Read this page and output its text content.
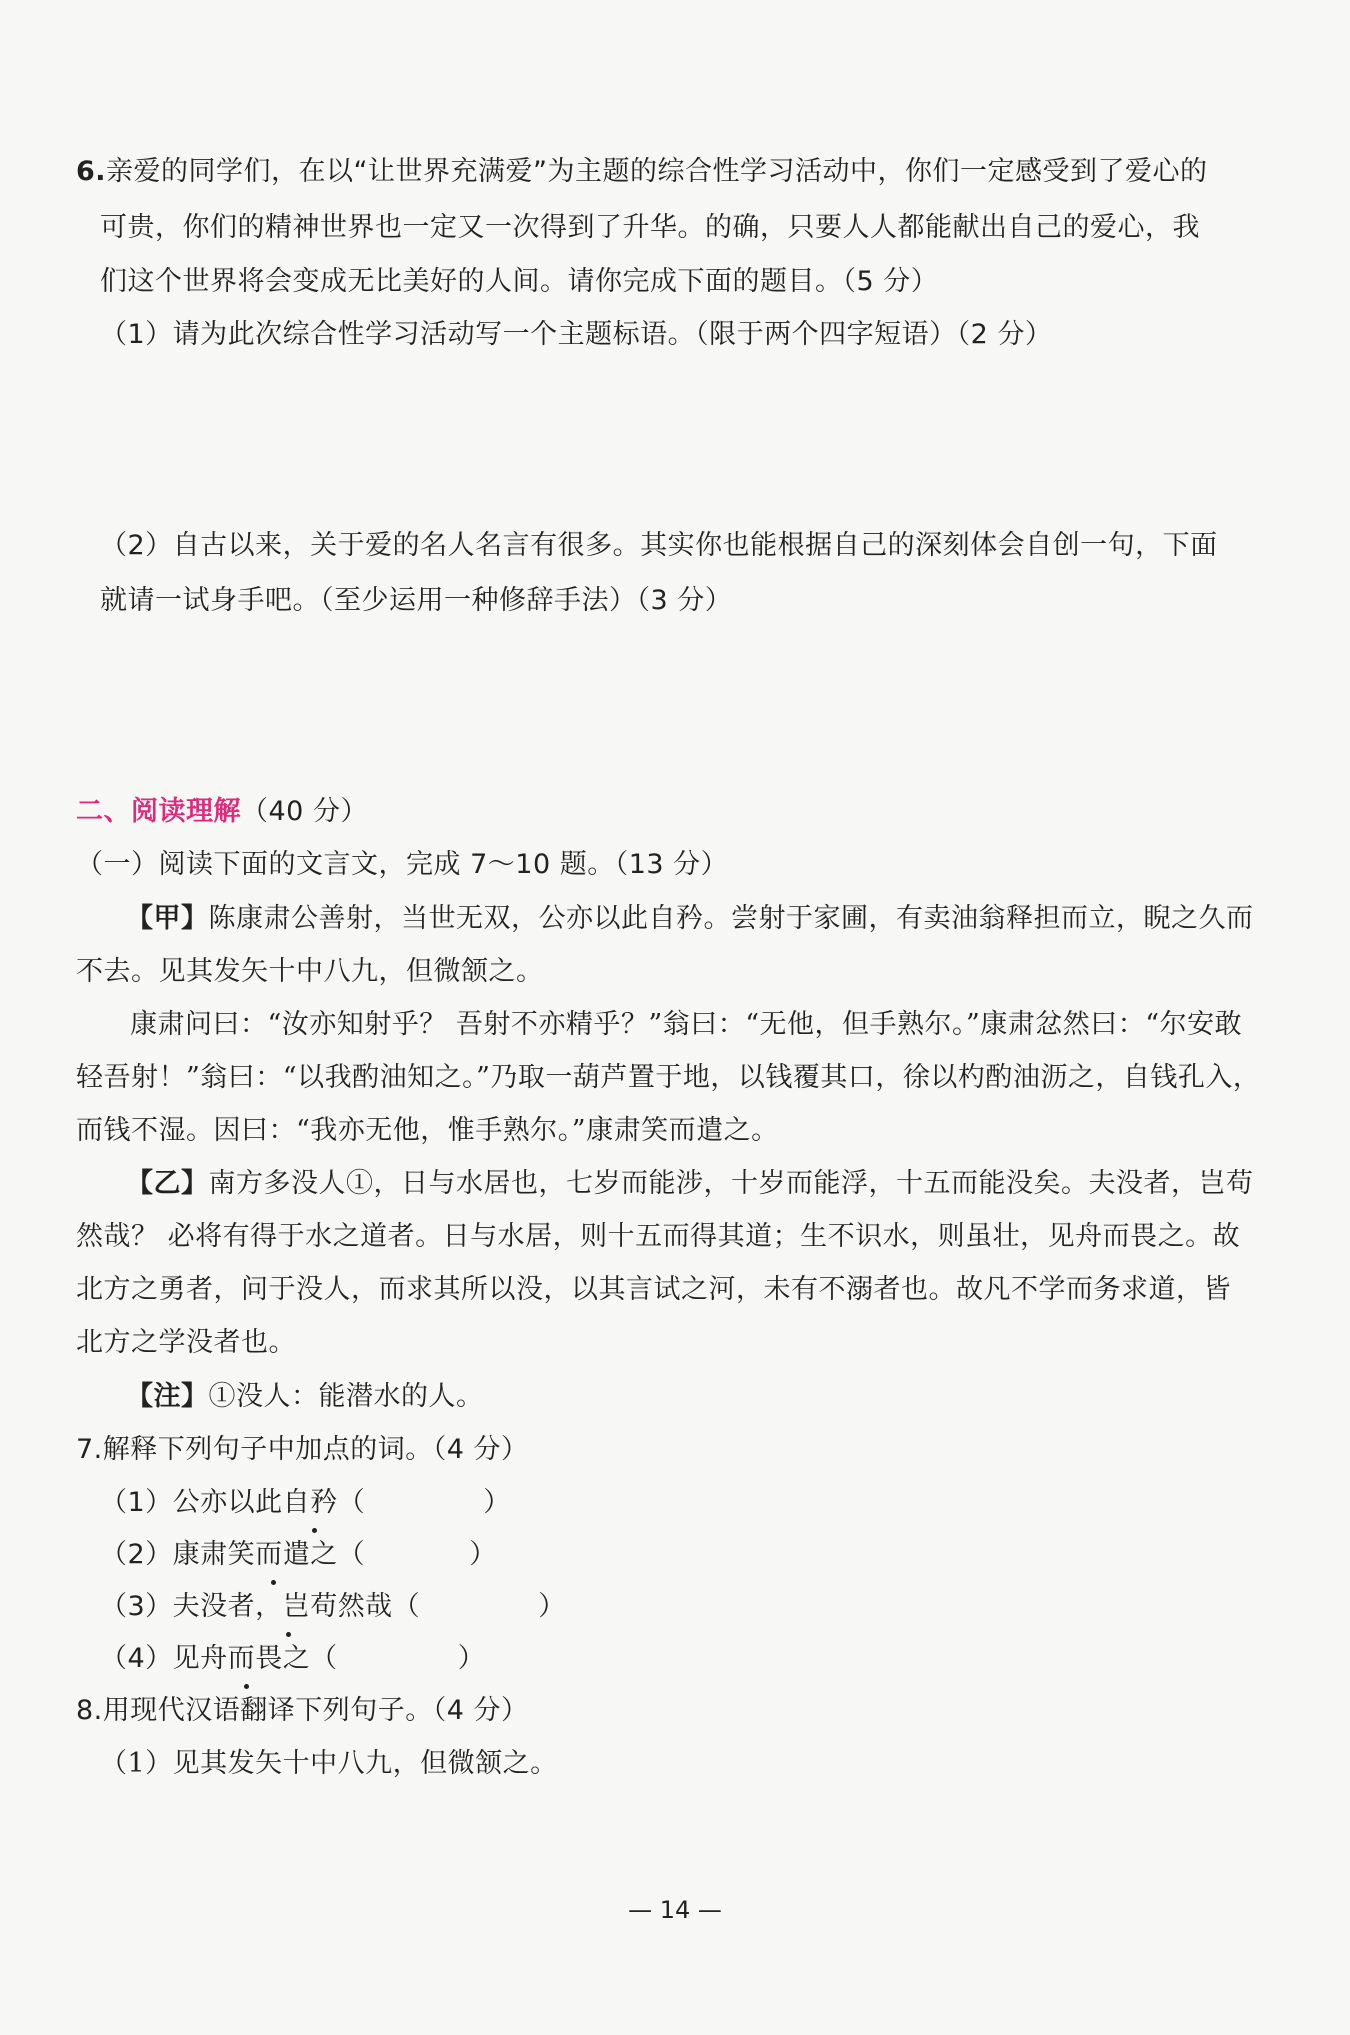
6.亲爱的同学们，在以“让世界充满爱”为主题的综合性学习活动中，你们一定感受到了爱心的
可贵，你们的精神世界也一定又一次得到了升华。的确，只要人人都能献出自己的爱心，我
们这个世界将会变成无比美好的人间。请你完成下面的题目。（5 分）
（1）请为此次综合性学习活动写一个主题标语。（限于两个四字短语）（2 分）
（2）自古以来，关于爱的名人名言有很多。其实你也能根据自己的深刻体会自创一句，下面
就请一试身手吧。（至少运用一种修辞手法）（3 分）
二、阅读理解（40 分）
（一）阅读下面的文言文，完成 7～10 题。（13 分）
【甲】陈康肃公善射，当世无双，公亦以此自矜。尝射于家圃，有卖油翁释担而立，睨之久而
不去。见其发矢十中八九，但微颔之。
康肃问曰：“汝亦知射乎？ 吾射不亦精乎？”翁曰：“无他，但手熟尔。”康肃忿然曰：“尔安敢
轻吾射！”翁曰：“以我酌油知之。”乃取一葫芦置于地，以钱覆其口，徐以杓酌油沥之，自钱孔入，
而钱不湿。因曰：“我亦无他，惟手熟尔。”康肃笑而遣之。
【乙】南方多没人①，日与水居也，七岁而能涉，十岁而能浮，十五而能没矣。夫没者，岂苟
然哉？ 必将有得于水之道者。日与水居，则十五而得其道；生不识水，则虽壮，见舟而畏之。故
北方之勇者，问于没人，而求其所以没，以其言试之河，未有不溺者也。故凡不学而务求道，皆
北方之学没者也。
【注】①没人：能潜水的人。
7.解释下列句子中加点的词。（4 分）
（1）公亦以此自矜（	）
（2）康肃笑而遣之（	）
（3）夫没者，岂苟然哉（	）
（4）见舟而畏之（	）
8.用现代汉语翻译下列句子。（4 分）
（1）见其发矢十中八九，但微颔之。
— 14 —
